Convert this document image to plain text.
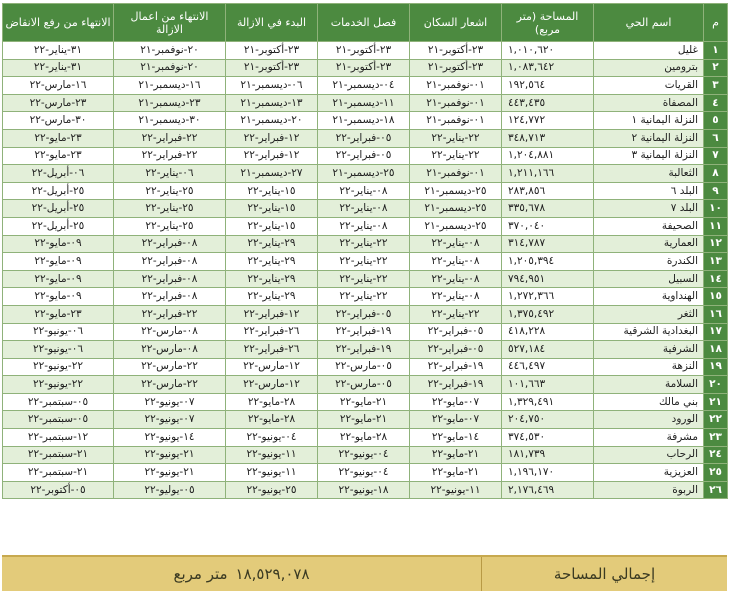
م	اسم الحي	المساحة (متر مربع)	اشعار السكان	فصل الخدمات	البدء في الازالة	الانتهاء من اعمال الازالة	الانتهاء من رفع الانقاض
١	غليل	١,٠١٠,٦٢٠	٢٣-أكتوبر-٢١	٢٣-أكتوبر-٢١	٢٣-أكتوبر-٢١	٢٠-نوفمبر-٢١	٣١-يناير-٢٢
٢	بترومين	١,٠٨٣,٦٤٢	٢٣-أكتوبر-٢١	٢٣-أكتوبر-٢١	٢٣-أكتوبر-٢١	٢٠-نوفمبر-٢١	٣١-يناير-٢٢
٣	القريات	١٩٢,٥٦٤	٠١-نوفمبر-٢١	٠٤-ديسمبر-٢١	٠٦-ديسمبر-٢١	١٦-ديسمبر-٢١	١٦-مارس-٢٢
٤	المصفاة	٤٤٣,٤٣٥	٠١-نوفمبر-٢١	١١-ديسمبر-٢١	١٣-ديسمبر-٢١	٢٣-ديسمبر-٢١	٢٣-مارس-٢٢
٥	النزلة اليمانية ١	١٢٤,٧٧٢	٠١-نوفمبر-٢١	١٨-ديسمبر-٢١	٢٠-ديسمبر-٢١	٣٠-ديسمبر-٢١	٣٠-مارس-٢٢
٦	النزلة اليمانية ٢	٣٤٨,٧١٣	٢٢-يناير-٢٢	٠٥-فبراير-٢٢	١٢-فبراير-٢٢	٢٢-فبراير-٢٢	٢٣-مايو-٢٢
٧	النزلة اليمانية ٣	١,٢٠٤,٨٨١	٢٢-يناير-٢٢	٠٥-فبراير-٢٢	١٢-فبراير-٢٢	٢٢-فبراير-٢٢	٢٣-مايو-٢٢
٨	الثعالبة	١,٢١١,١٦٦	٠١-نوفمبر-٢١	٢٥-ديسمبر-٢١	٢٧-ديسمبر-٢١	٠٦-يناير-٢٢	٠٦-أبريل-٢٢
٩	البلد ٦	٢٨٣,٨٥٦	٢٥-ديسمبر-٢١	٠٨-يناير-٢٢	١٥-يناير-٢٢	٢٥-يناير-٢٢	٢٥-أبريل-٢٢
١٠	البلد ٧	٣٣٥,٦٧٨	٢٥-ديسمبر-٢١	٠٨-يناير-٢٢	١٥-يناير-٢٢	٢٥-يناير-٢٢	٢٥-أبريل-٢٢
١١	الصحيفة	٣٧٠,٠٤٠	٢٥-ديسمبر-٢١	٠٨-يناير-٢٢	١٥-يناير-٢٢	٢٥-يناير-٢٢	٢٥-أبريل-٢٢
١٢	العمارية	٣١٤,٧٨٧	٠٨-يناير-٢٢	٢٢-يناير-٢٢	٢٩-يناير-٢٢	٠٨-فبراير-٢٢	٠٩-مايو-٢٢
١٣	الكندرة	١,٢٠٥,٣٩٤	٠٨-يناير-٢٢	٢٢-يناير-٢٢	٢٩-يناير-٢٢	٠٨-فبراير-٢٢	٠٩-مايو-٢٢
١٤	السبيل	٧٩٤,٩٥١	٠٨-يناير-٢٢	٢٢-يناير-٢٢	٢٩-يناير-٢٢	٠٨-فبراير-٢٢	٠٩-مايو-٢٢
١٥	الهنداوية	١,٢٧٢,٣٦٦	٠٨-يناير-٢٢	٢٢-يناير-٢٢	٢٩-يناير-٢٢	٠٨-فبراير-٢٢	٠٩-مايو-٢٢
١٦	الثغر	١,٣٧٥,٤٩٢	٢٢-يناير-٢٢	٠٥-فبراير-٢٢	١٢-فبراير-٢٢	٢٢-فبراير-٢٢	٢٣-مايو-٢٢
١٧	البغدادية الشرقية	٤١٨,٢٢٨	٠٥-فبراير-٢٢	١٩-فبراير-٢٢	٢٦-فبراير-٢٢	٠٨-مارس-٢٢	٠٦-يونيو-٢٢
١٨	الشرفية	٥٢٧,١٨٤	٠٥-فبراير-٢٢	١٩-فبراير-٢٢	٢٦-فبراير-٢٢	٠٨-مارس-٢٢	٠٦-يونيو-٢٢
١٩	النزهة	٤٤٦,٤٩٧	١٩-فبراير-٢٢	٠٥-مارس-٢٢	١٢-مارس-٢٢	٢٢-مارس-٢٢	٢٢-يونيو-٢٢
٢٠	السلامة	١٠١,٦٦٣	١٩-فبراير-٢٢	٠٥-مارس-٢٢	١٢-مارس-٢٢	٢٢-مارس-٢٢	٢٢-يونيو-٢٢
٢١	بني مالك	١,٣٢٩,٤٩١	٠٧-مايو-٢٢	٢١-مايو-٢٢	٢٨-مايو-٢٢	٠٧-يونيو-٢٢	٠٥-سبتمبر-٢٢
٢٢	الورود	٢٠٤,٧٥٠	٠٧-مايو-٢٢	٢١-مايو-٢٢	٢٨-مايو-٢٢	٠٧-يونيو-٢٢	٠٥-سبتمبر-٢٢
٢٣	مشرفة	٣٧٤,٥٣٠	١٤-مايو-٢٢	٢٨-مايو-٢٢	٠٤-يونيو-٢٢	١٤-يونيو-٢٢	١٢-سبتمبر-٢٢
٢٤	الرحاب	١٨١,٧٣٩	٢١-مايو-٢٢	٠٤-يونيو-٢٢	١١-يونيو-٢٢	٢١-يونيو-٢٢	٢١-سبتمبر-٢٢
٢٥	العزيزية	١,١٩٦,١٧٠	٢١-مايو-٢٢	٠٤-يونيو-٢٢	١١-يونيو-٢٢	٢١-يونيو-٢٢	٢١-سبتمبر-٢٢
٢٦	الربوة	٢,١٧٦,٤٦٩	١١-يونيو-٢٢	١٨-يونيو-٢٢	٢٥-يونيو-٢٢	٠٥-يوليو-٢٢	٠٥-أكتوبر-٢٢
إجمالي المساحة
١٨,٥٢٩,٠٧٨
متر مربع
